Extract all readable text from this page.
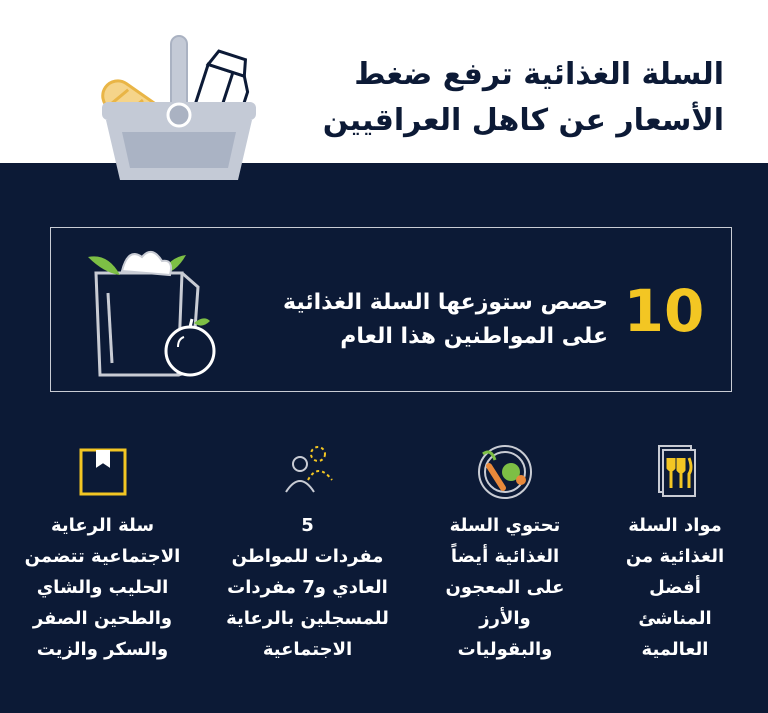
السلة الغذائية ترفع ضغط
الأسعار عن كاهل العراقيين
10
حصص ستوزعها السلة الغذائية
على المواطنين هذا العام
مواد السلة
الغذائية من
أفضل
المناشئ
العالمية
تحتوي السلة
الغذائية أيضاً
على المعجون
والأرز
والبقوليات
5
مفردات للمواطن
العادي و7 مفردات
للمسجلين بالرعاية
الاجتماعية
سلة الرعاية
الاجتماعية تتضمن
الحليب والشاي
والطحين الصفر
والسكر والزيت
